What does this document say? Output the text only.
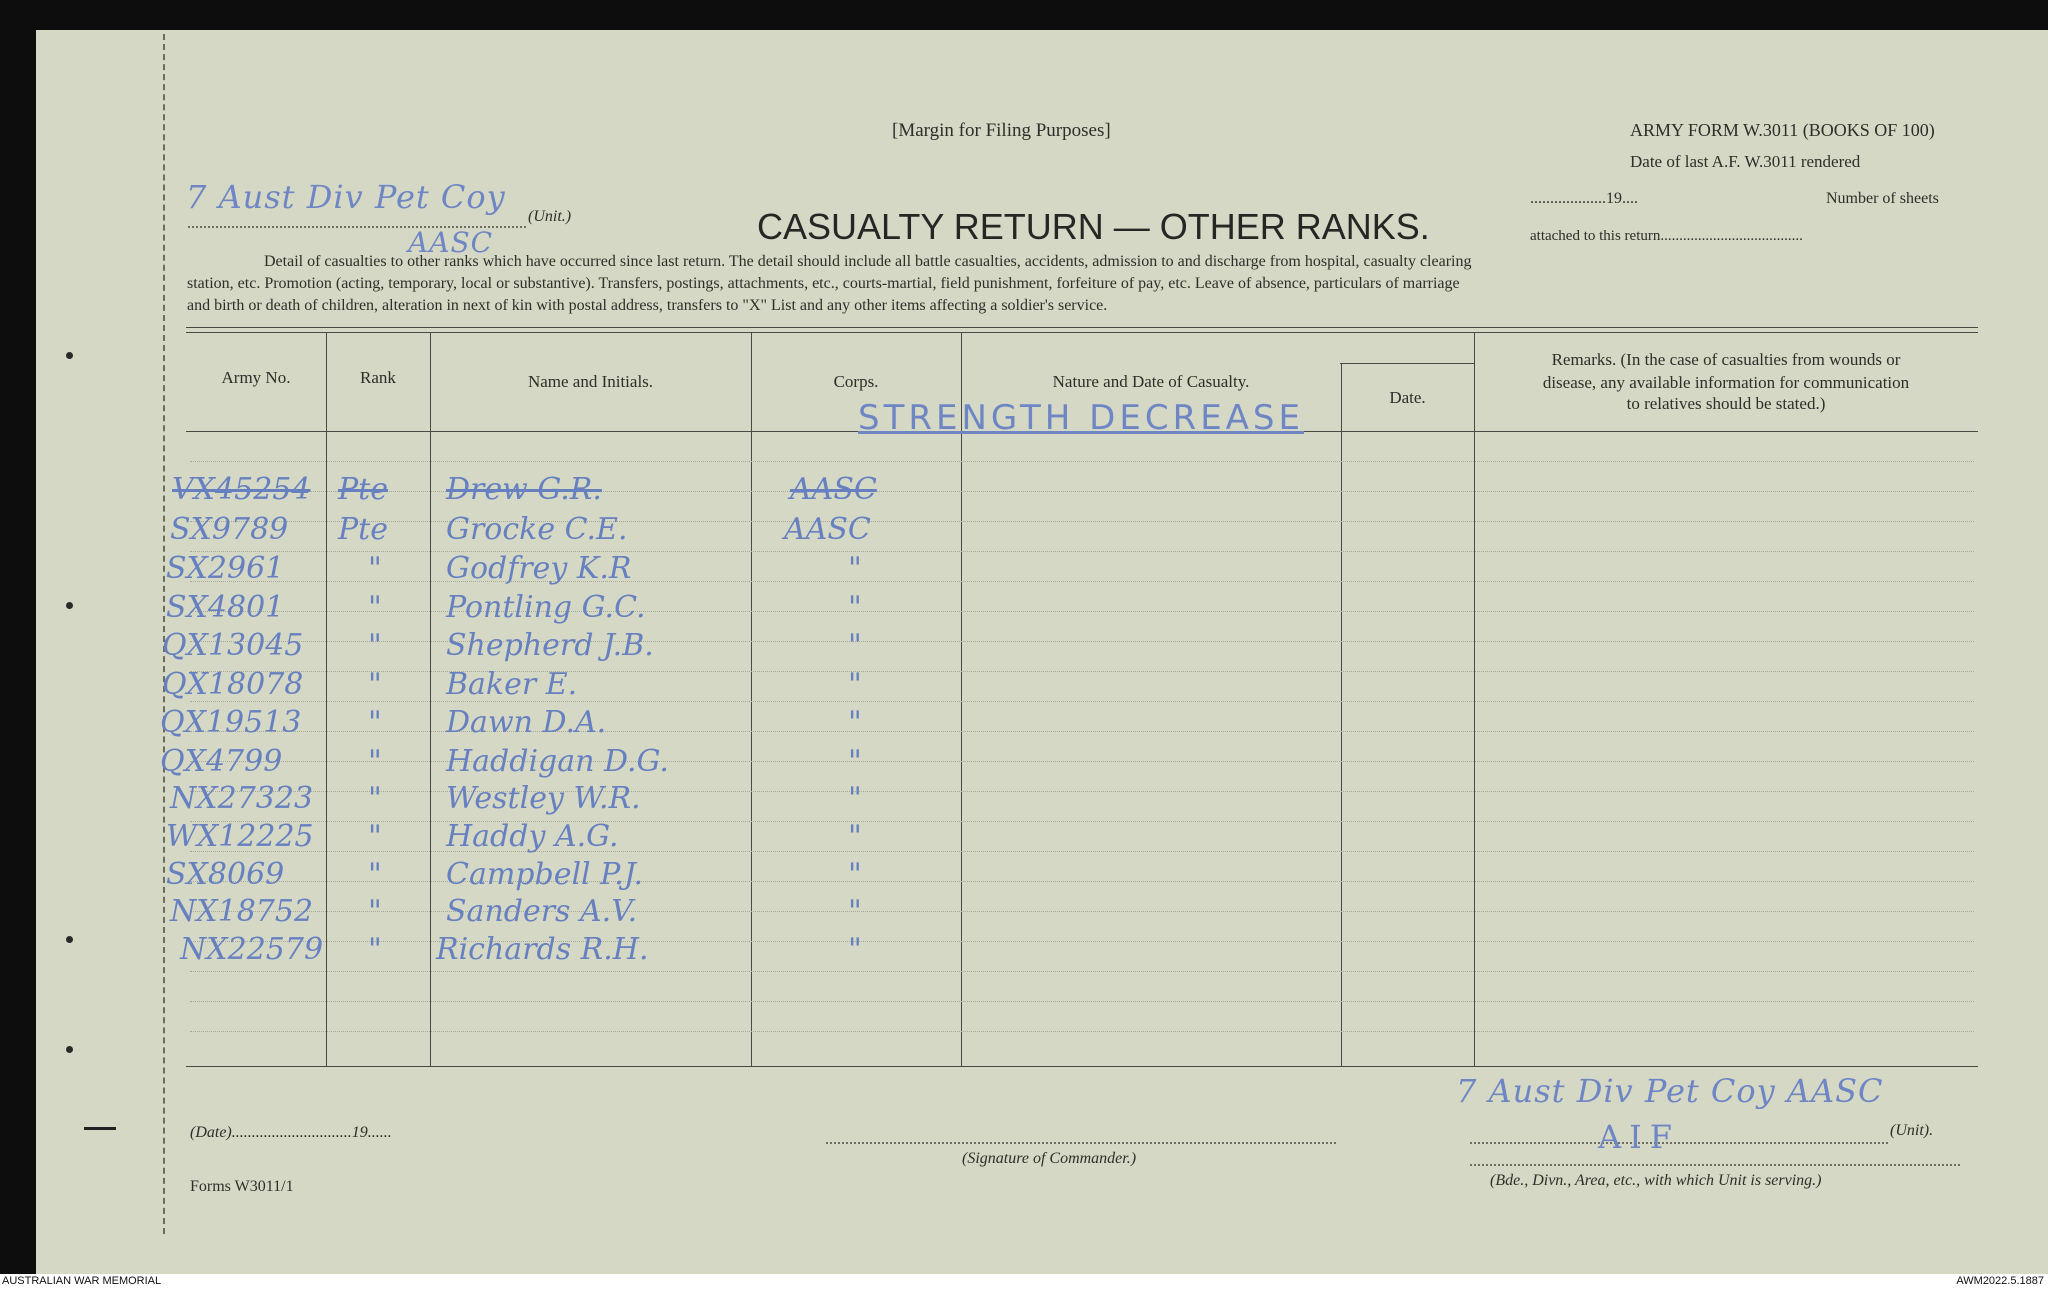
[Margin for Filing Purposes]	ARMY FORM W.3011 (BOOKS OF 100)
Date of last A.F. W.3011 rendered
...................19....	Number of sheets
attached to this return......................................
(Unit.)	CASUALTY RETURN — OTHER RANKS.
7 Aust Div Pet Coy
AASC
Detail of casualties to other ranks which have occurred since last return. The detail should include all battle casualties, accidents, admission to and discharge from hospital, casualty clearing
station, etc. Promotion (acting, temporary, local or substantive). Transfers, postings, attachments, etc., courts-martial, field punishment, forfeiture of pay, etc. Leave of absence, particulars of marriage
and birth or death of children, alteration in next of kin with postal address, transfers to "X" List and any other items affecting a soldier's service.
Army No.	Rank	Name and Initials.	Corps.	Nature and Date of Casualty.
Date.
Remarks. (In the case of casualties from wounds or
disease, any available information for communication
to relatives should be stated.)
STRENGTH DECREASE
VX45254 Pte Drew G.R.	AASC
SX9789 Pte Grocke C.E.	AASC
SX2961	" Godfrey K.R	"
SX4801	" Pontling G.C.	"
QX13045 " Shepherd J.B.	"
QX18078 " Baker E.	"
QX19513 " Dawn D.A.	"
QX4799	" Haddigan D.G.	"
NX27323 " Westley W.R.	"
WX12225 " Haddy A.G.	"
SX8069	" Campbell P.J.	"
NX18752 " Sanders A.V.	"
NX22579 " Richards R.H.	"
(Date)..............................19......
(Signature of Commander.)
(Unit).
(Bde., Divn., Area, etc., with which Unit is serving.)
Forms W3011/1
7 Aust Div Pet Coy AASC
AIF
AUSTRALIAN WAR MEMORIAL	AWM2022.5.1887
